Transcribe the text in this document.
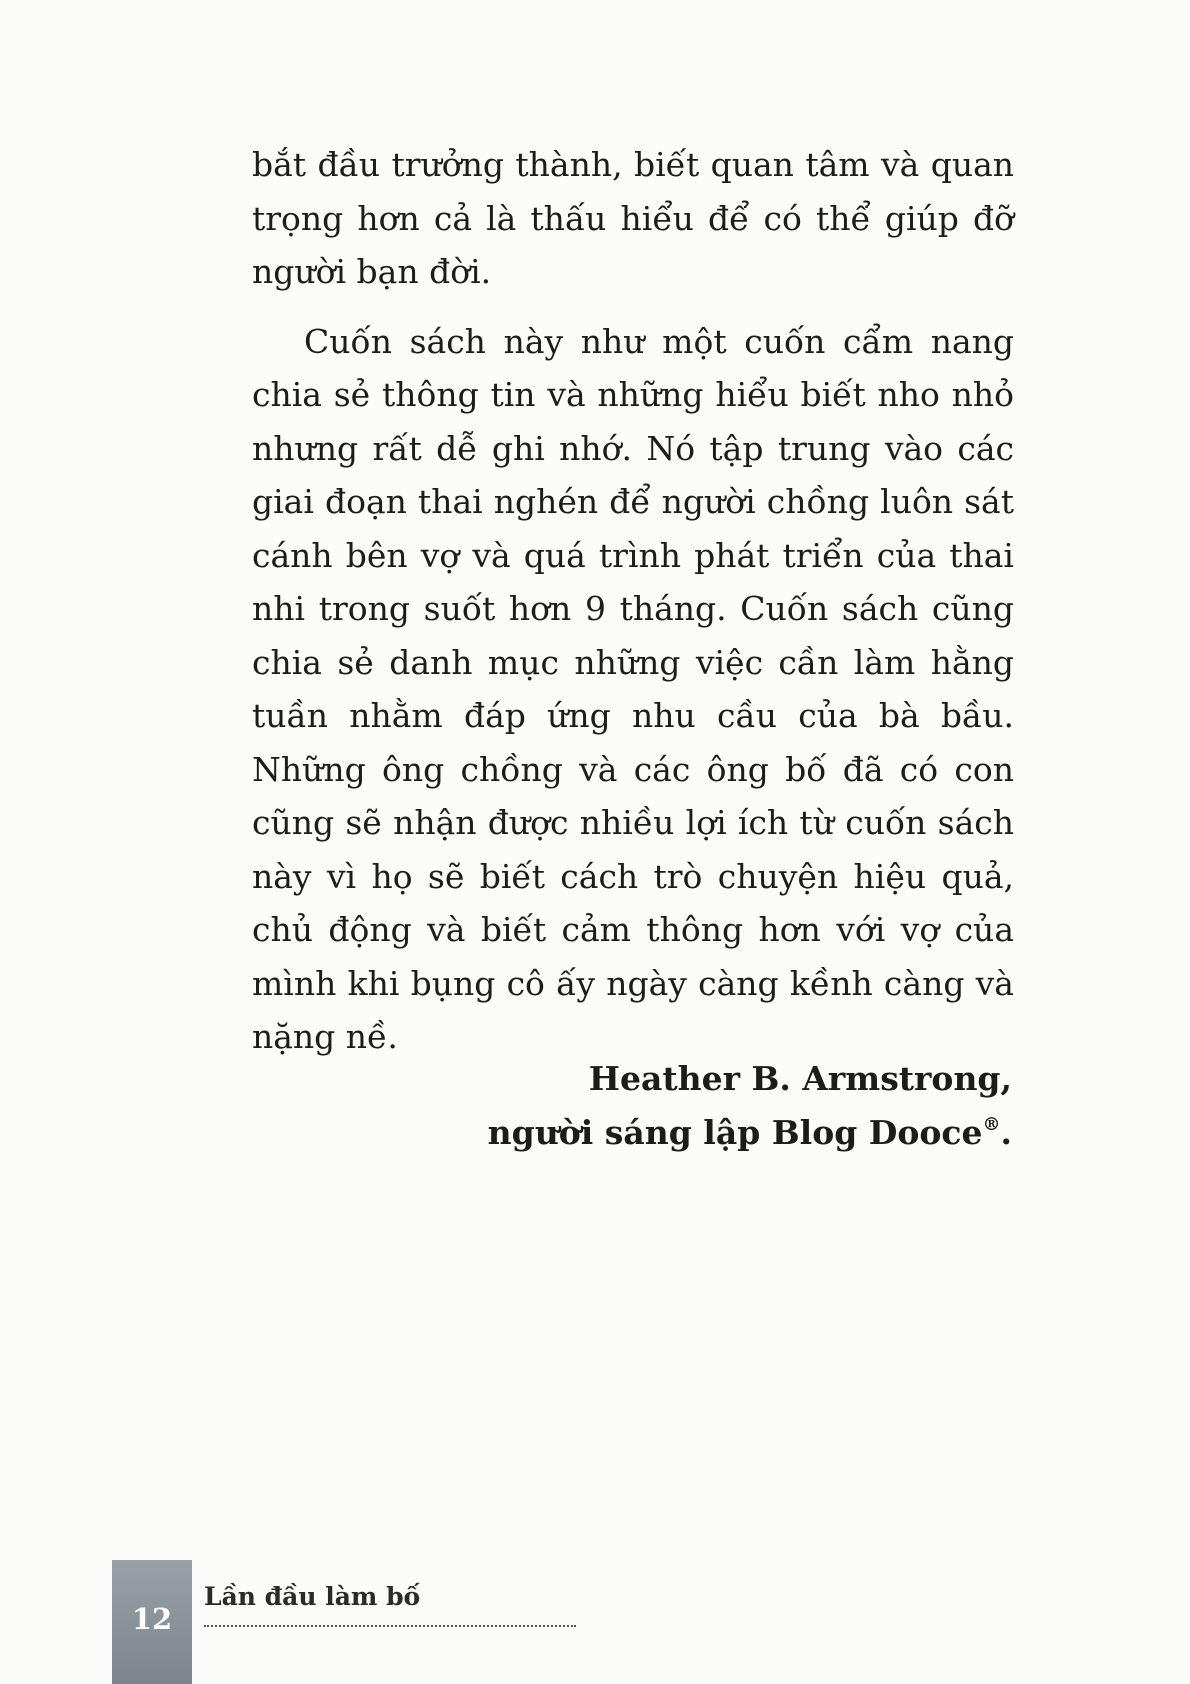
bắt đầu trưởng thành, biết quan tâm và quan trọng hơn cả là thấu hiểu để có thể giúp đỡ người bạn đời.

Cuốn sách này như một cuốn cẩm nang chia sẻ thông tin và những hiểu biết nho nhỏ nhưng rất dễ ghi nhớ. Nó tập trung vào các giai đoạn thai nghén để người chồng luôn sát cánh bên vợ và quá trình phát triển của thai nhi trong suốt hơn 9 tháng. Cuốn sách cũng chia sẻ danh mục những việc cần làm hằng tuần nhằm đáp ứng nhu cầu của bà bầu. Những ông chồng và các ông bố đã có con cũng sẽ nhận được nhiều lợi ích từ cuốn sách này vì họ sẽ biết cách trò chuyện hiệu quả, chủ động và biết cảm thông hơn với vợ của mình khi bụng cô ấy ngày càng kềnh càng và nặng nề.

Heather B. Armstrong,
người sáng lập Blog Dooce®.
12
Lần đầu làm bố
